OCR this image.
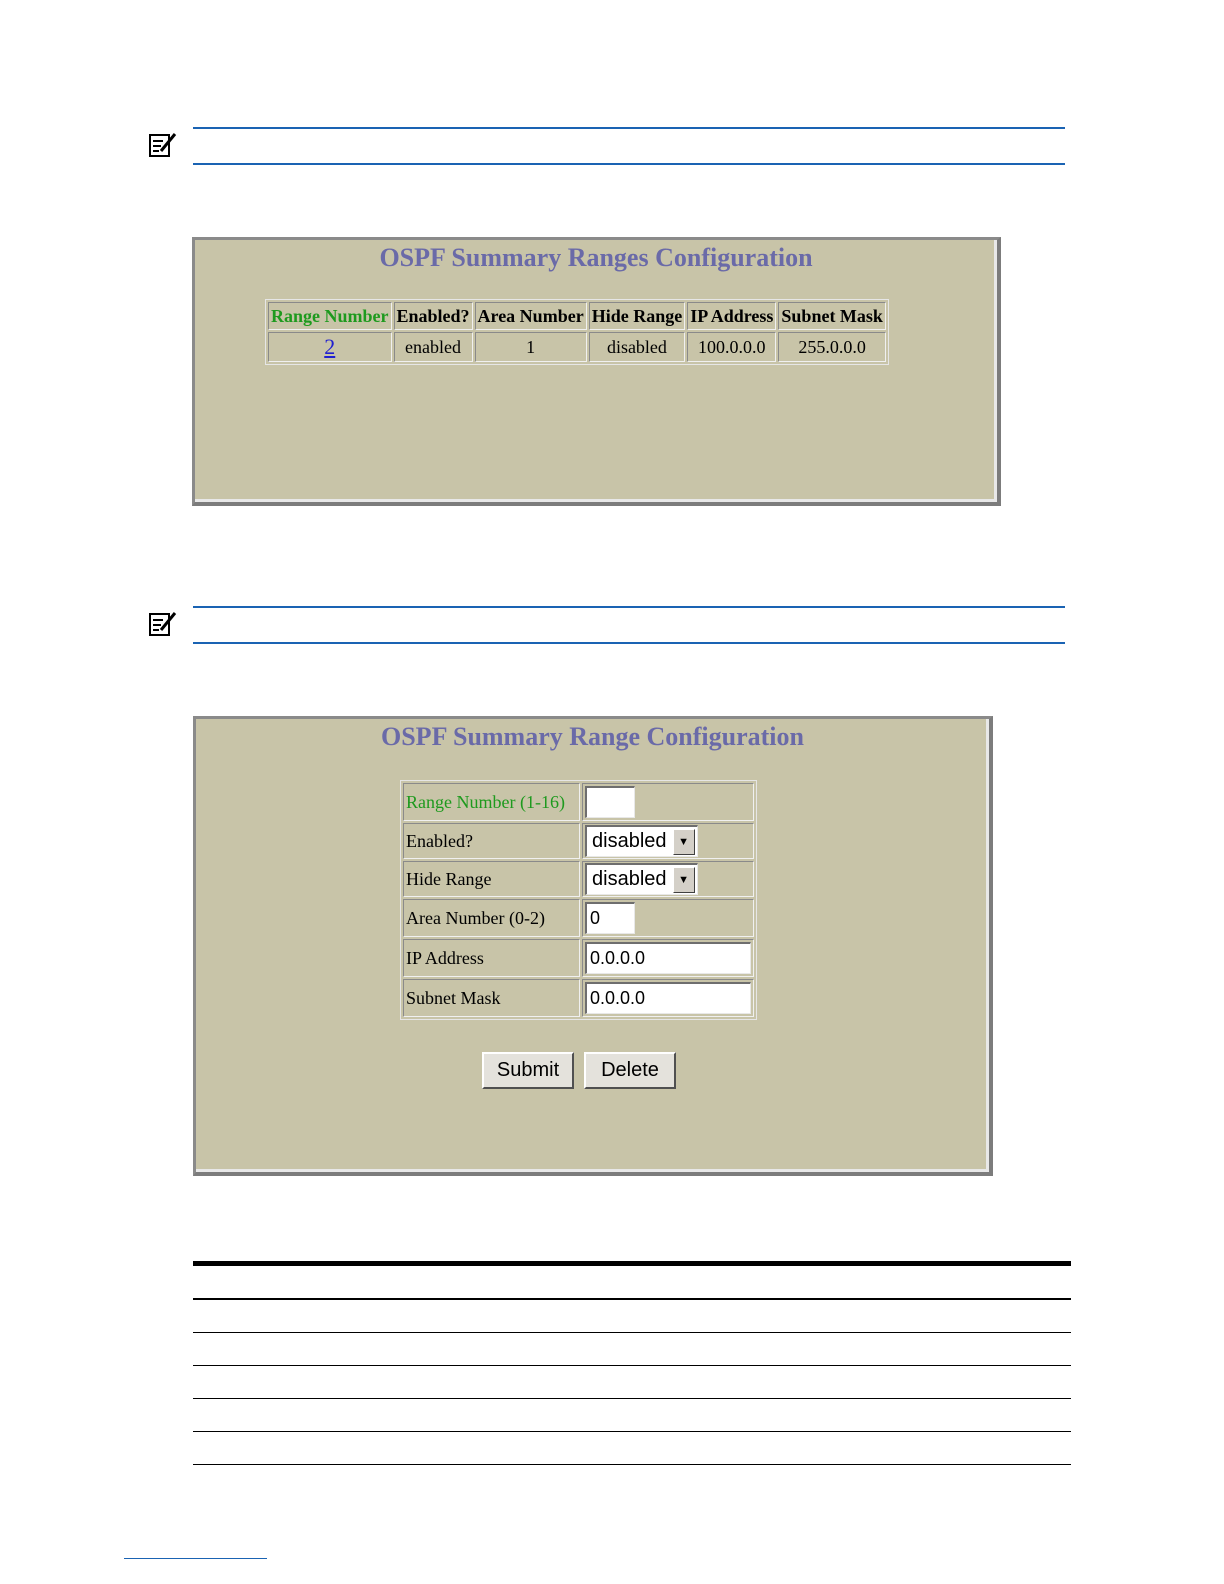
OSPF Summary Ranges Configuration
Range Number	Enabled?	Area Number	Hide Range	IP Address	Subnet Mask
2	enabled	1	disabled	100.0.0.0	255.0.0.0
OSPF Summary Range Configuration
Range Number (1-16)	
Enabled?	disabled ▼

Hide Range	disabled ▼

Area Number (0-2)	0
IP Address	0.0.0.0
Subnet Mask	0.0.0.0
Submit	Delete
